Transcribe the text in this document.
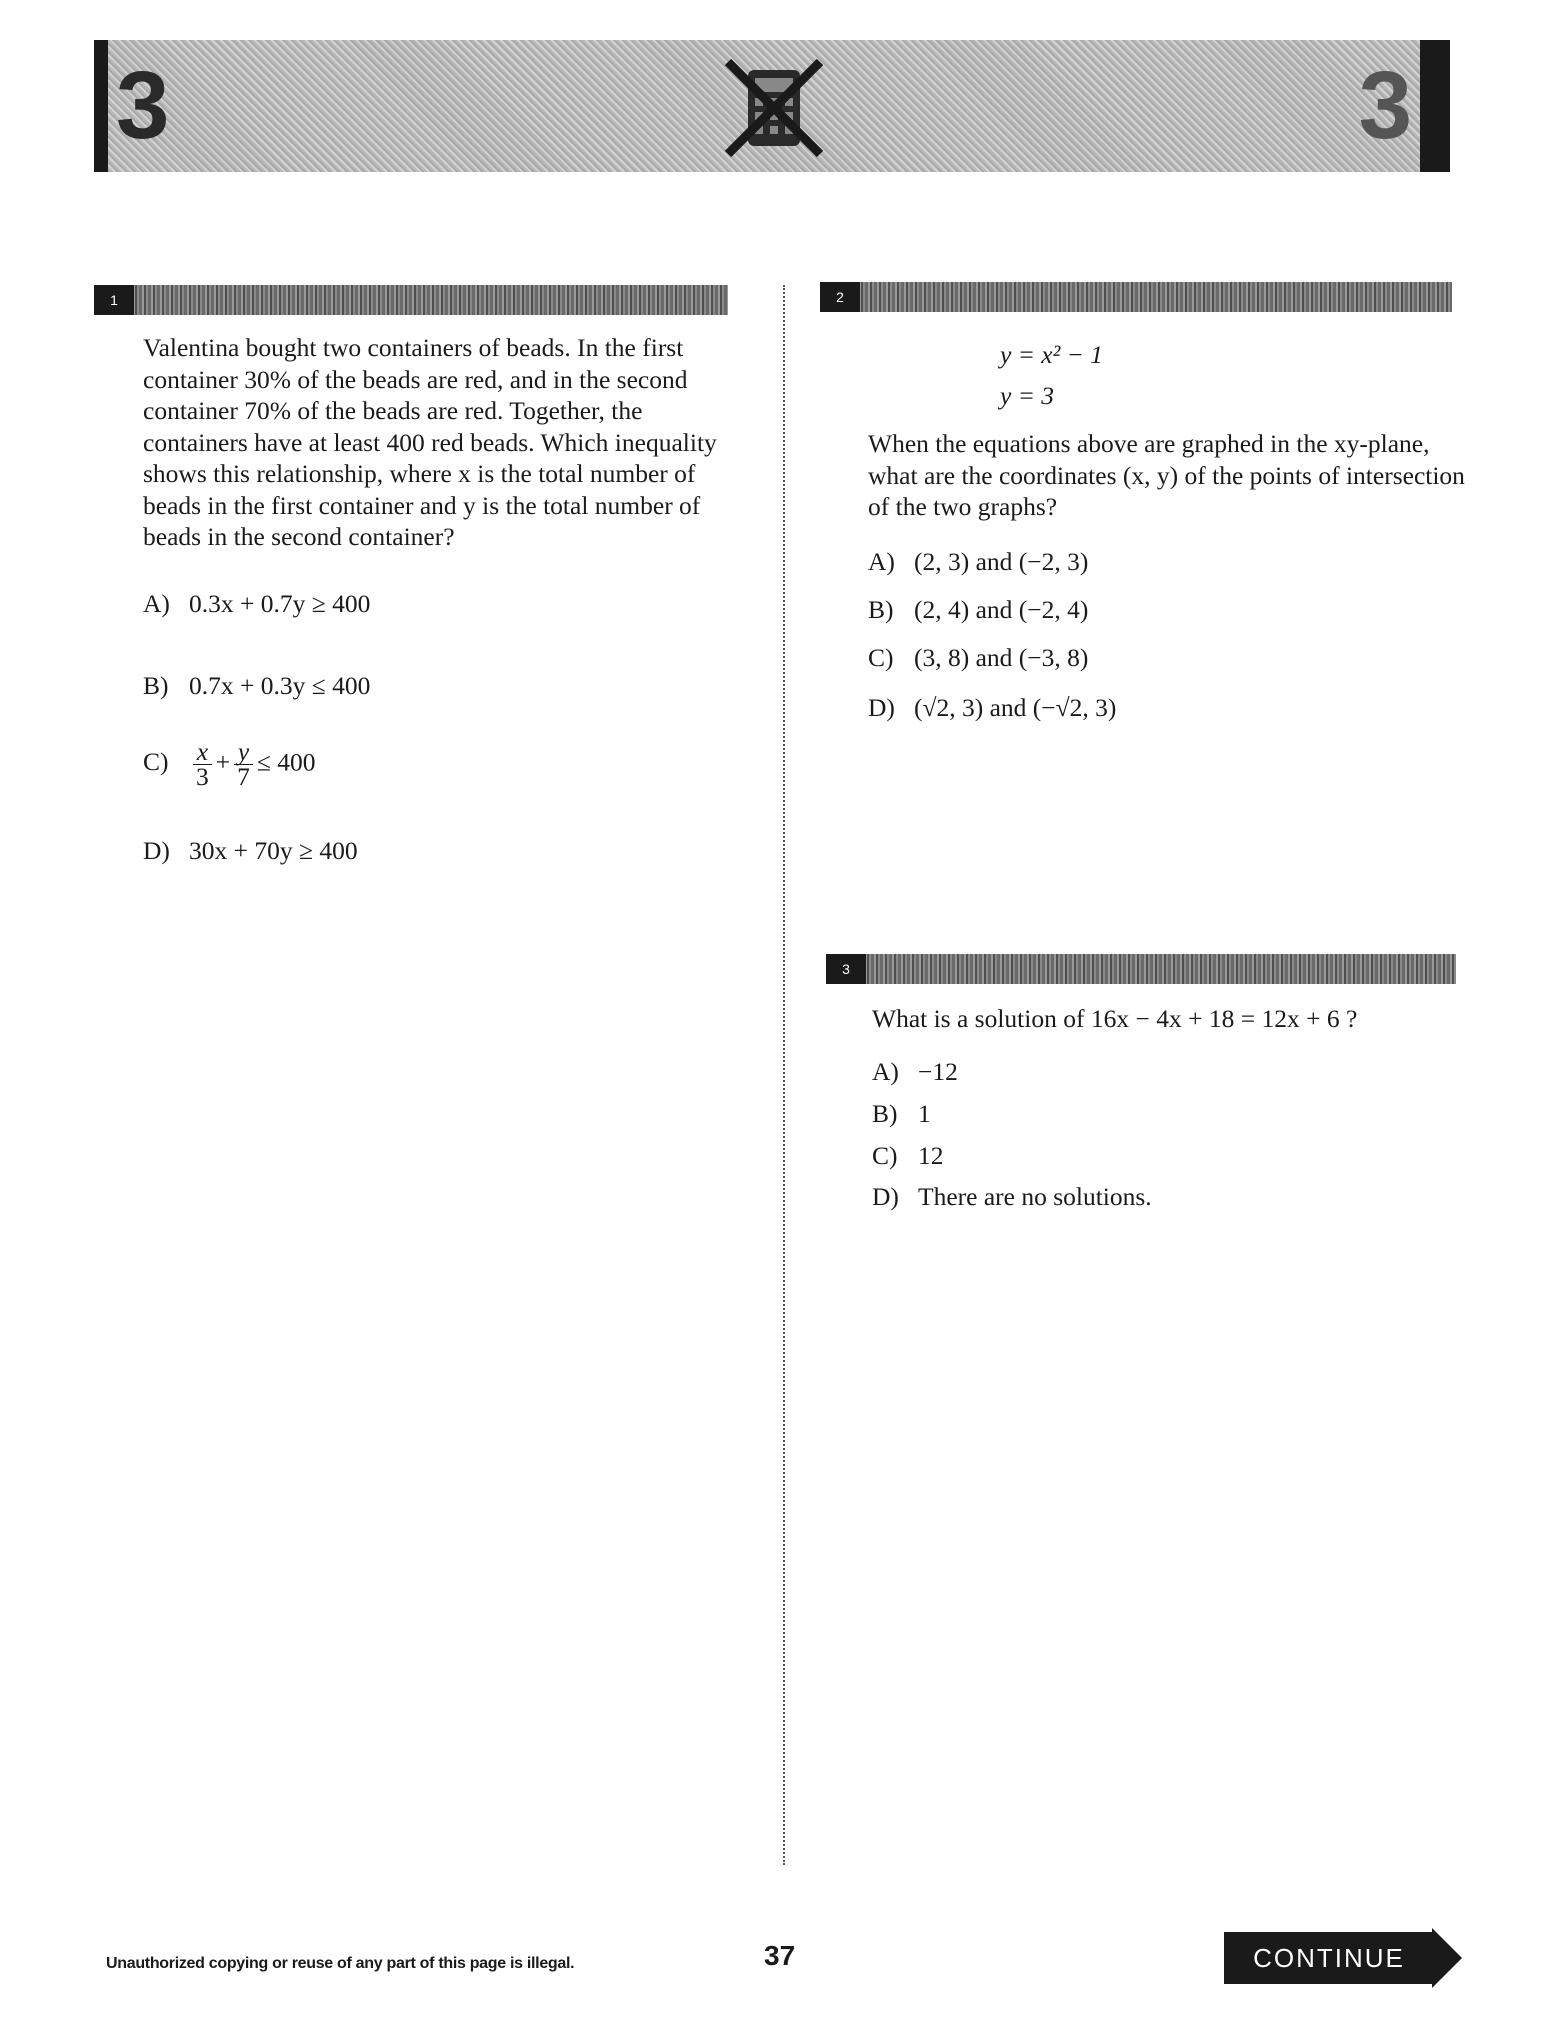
3	3
1
Valentina bought two containers of beads. In the first container 30% of the beads are red, and in the second container 70% of the beads are red. Together, the containers have at least 400 red beads. Which inequality shows this relationship, where x is the total number of beads in the first container and y is the total number of beads in the second container?
A) 0.3x + 0.7y ≥ 400
B) 0.7x + 0.3y ≤ 400
$C) \frac{x}{3} + \frac{y}{7} \le 400$
D) 30x + 70y ≥ 400
2
y = x² − 1
y = 3
When the equations above are graphed in the xy-plane, what are the coordinates (x, y) of the points of intersection of the two graphs?
A) (2, 3) and (−2, 3)
B) (2, 4) and (−2, 4)
C) (3, 8) and (−3, 8)
D) (√2, 3) and (−√2, 3)
3
What is a solution of 16x − 4x + 18 = 12x + 6 ?
A) −12
B) 1
C) 12
D) There are no solutions.
Unauthorized copying or reuse of any part of this page is illegal.	37	CONTINUE
